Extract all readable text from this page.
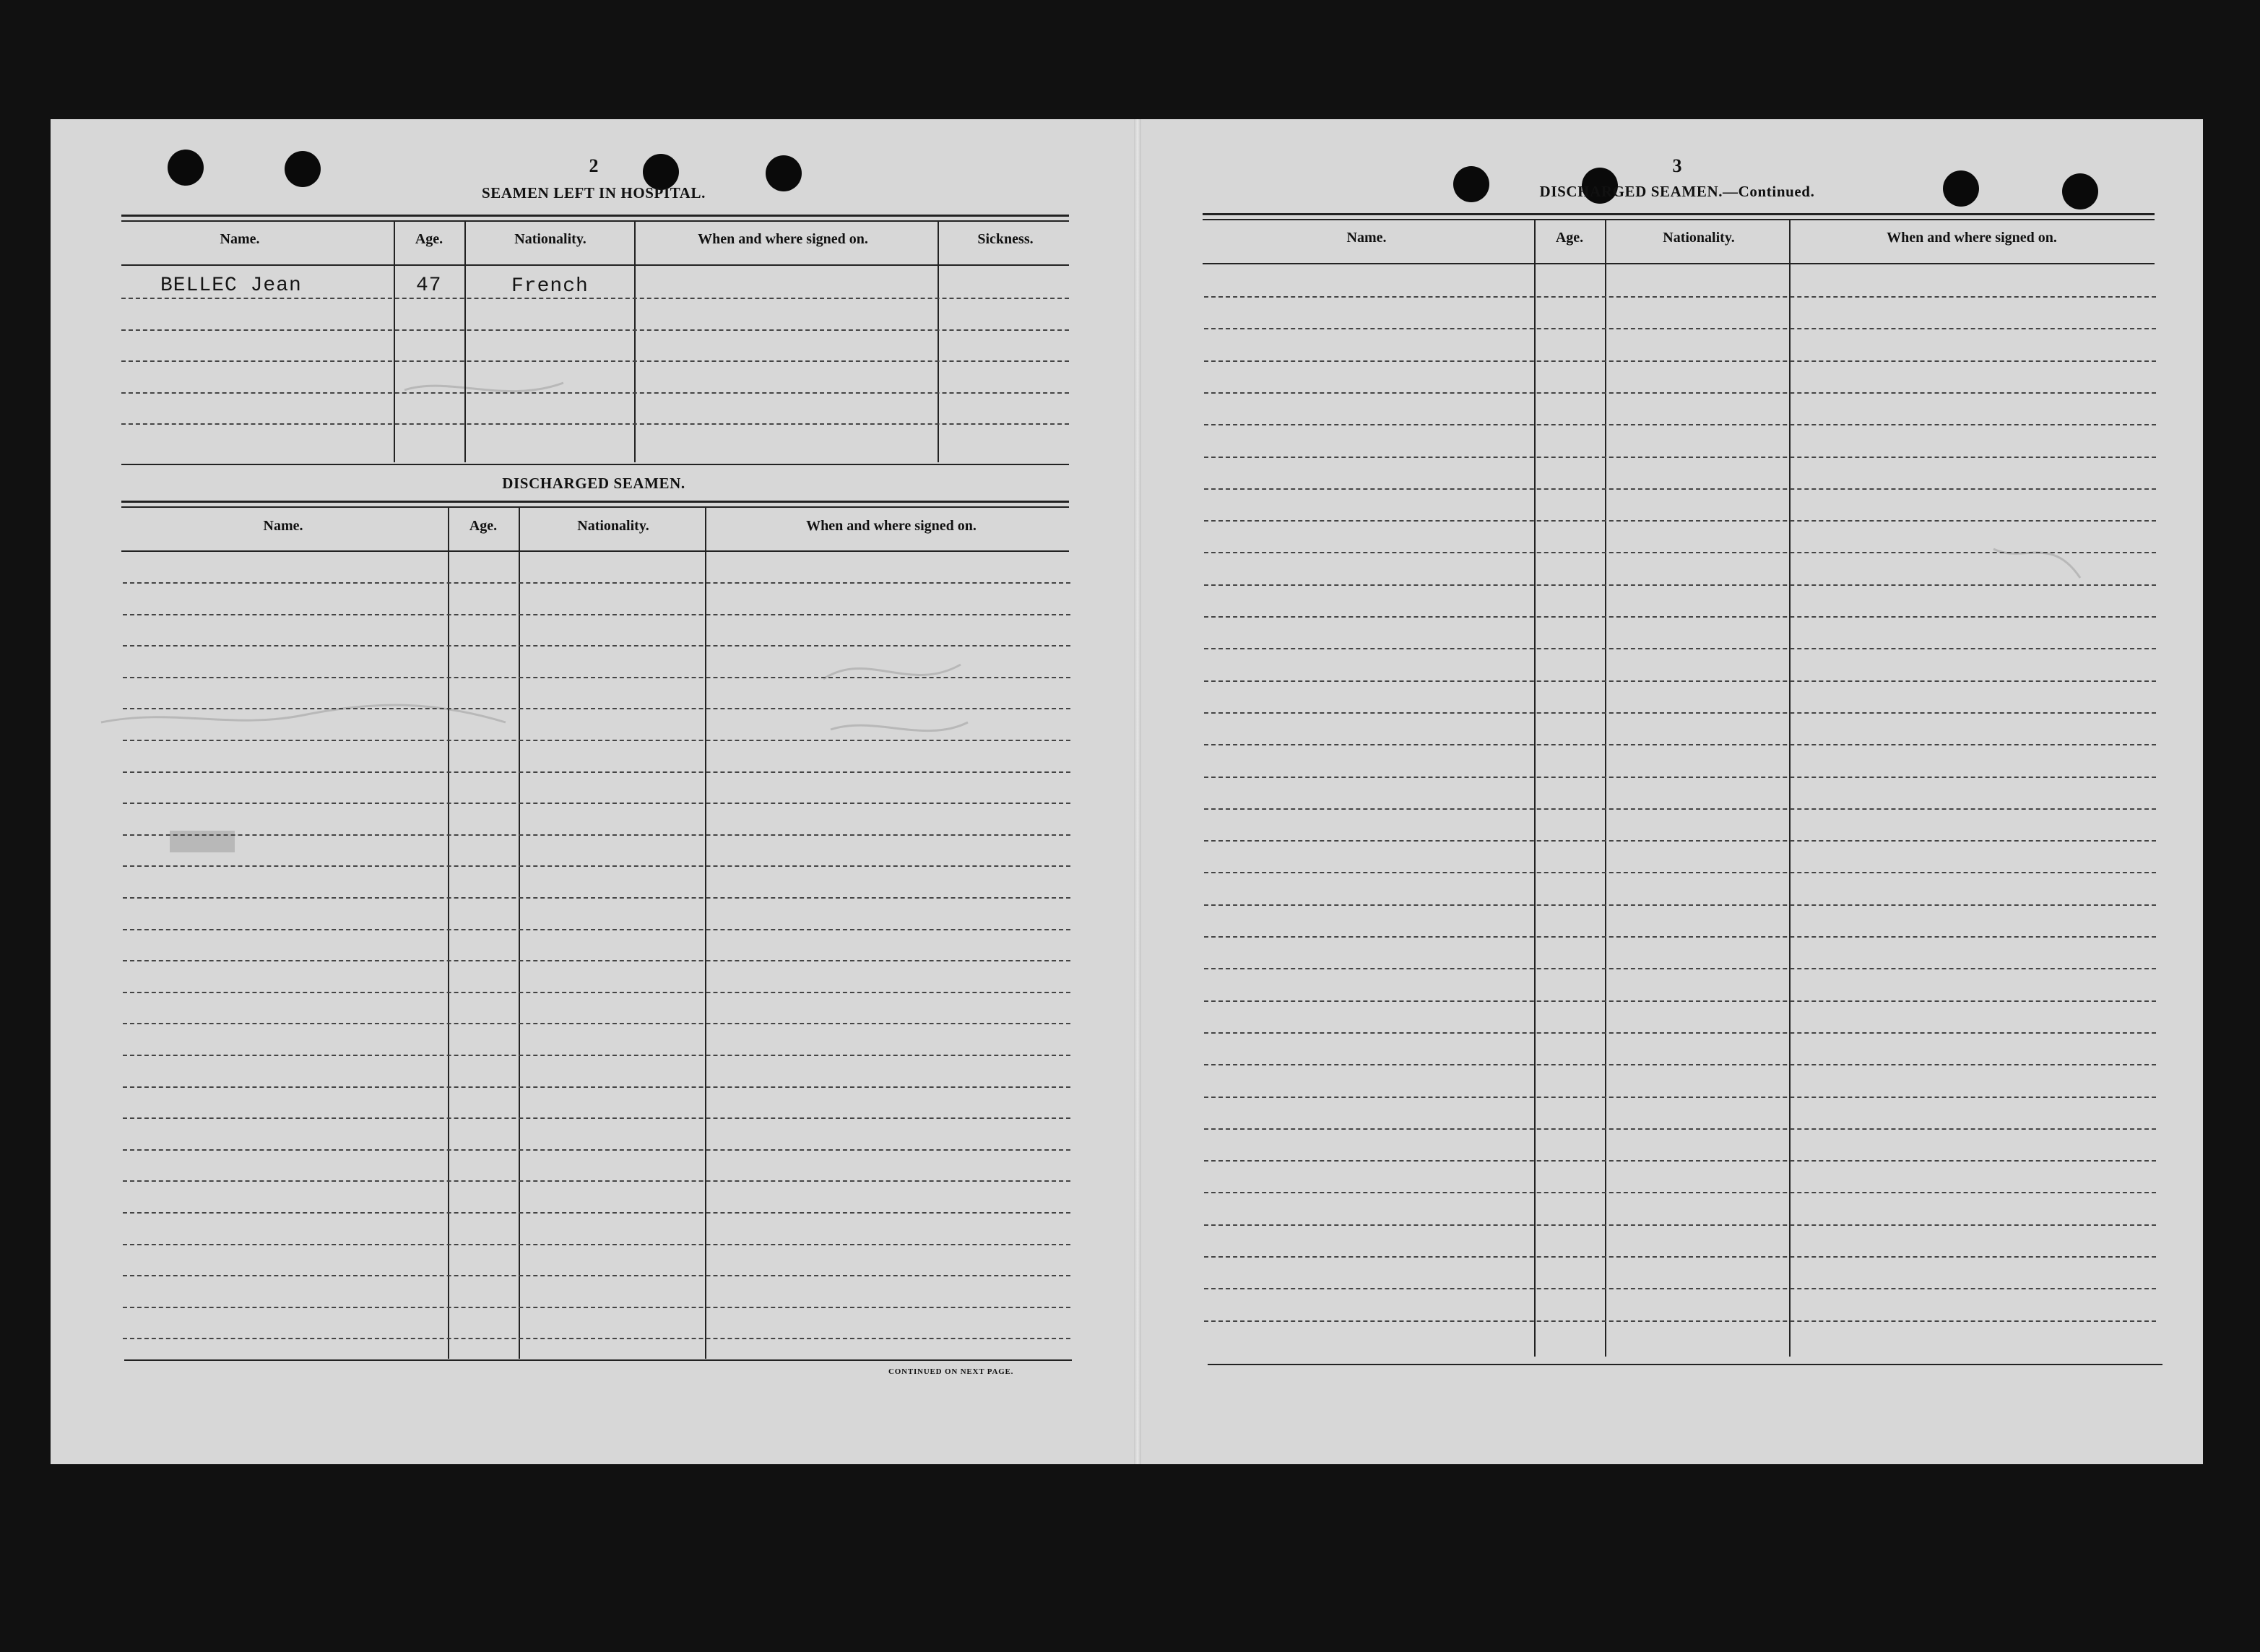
2
SEAMEN LEFT IN HOSPITAL.
Name.	Age.	Nationality.	When and where signed on.	Sickness.
BELLEC Jean	47	French
DISCHARGED SEAMEN.
Name.	Age.	Nationality.	When and where signed on.
CONTINUED ON NEXT PAGE.
3
DISCHARGED SEAMEN.—Continued.
Name.	Age.	Nationality.	When and where signed on.
